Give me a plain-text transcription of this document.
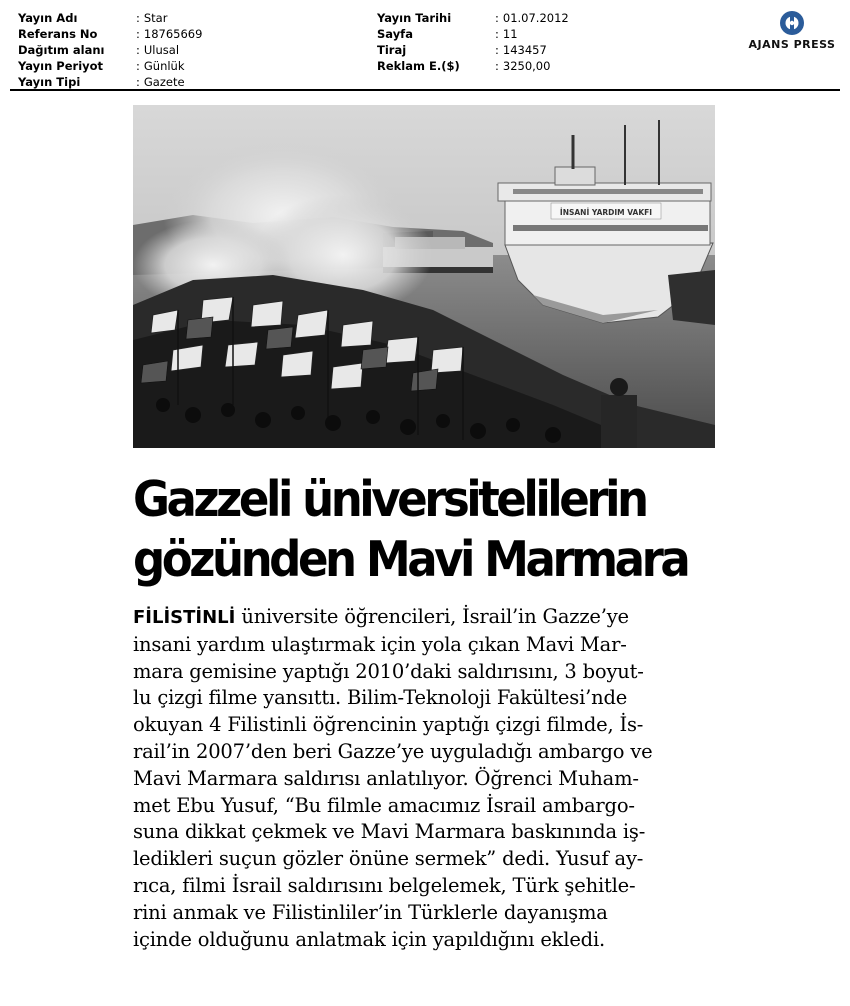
Yayın Adı	: Star
Referans No	: 18765669
Dağıtım alanı	: Ulusal
Yayın Periyot	: Günlük
Yayın Tipi	: Gazete
Yayın Tarihi	: 01.07.2012
Sayfa	: 11
Tiraj	: 143457
Reklam E.($)	: 3250,00
AJANS PRESS
İNSANİ YARDIM VAKFI
Gazzeli üniversitelilerin
gözünden Mavi Marmara
FİLİSTİNLİ üniversite öğrencileri, İsrail’in Gazze’ye
insani yardım ulaştırmak için yola çıkan Mavi Mar-
mara gemisine yaptığı 2010’daki saldırısını, 3 boyut-
lu çizgi filme yansıttı. Bilim-Teknoloji Fakültesi’nde
okuyan 4 Filistinli öğrencinin yaptığı çizgi filmde, İs-
rail’in 2007’den beri Gazze’ye uyguladığı ambargo ve
Mavi Marmara saldırısı anlatılıyor. Öğrenci Muham-
met Ebu Yusuf, “Bu filmle amacımız İsrail ambargo-
suna dikkat çekmek ve Mavi Marmara baskınında iş-
ledikleri suçun gözler önüne sermek” dedi. Yusuf ay-
rıca, filmi İsrail saldırısını belgelemek, Türk şehitle-
rini anmak ve Filistinliler’in Türklerle dayanışma
içinde olduğunu anlatmak için yapıldığını ekledi.
